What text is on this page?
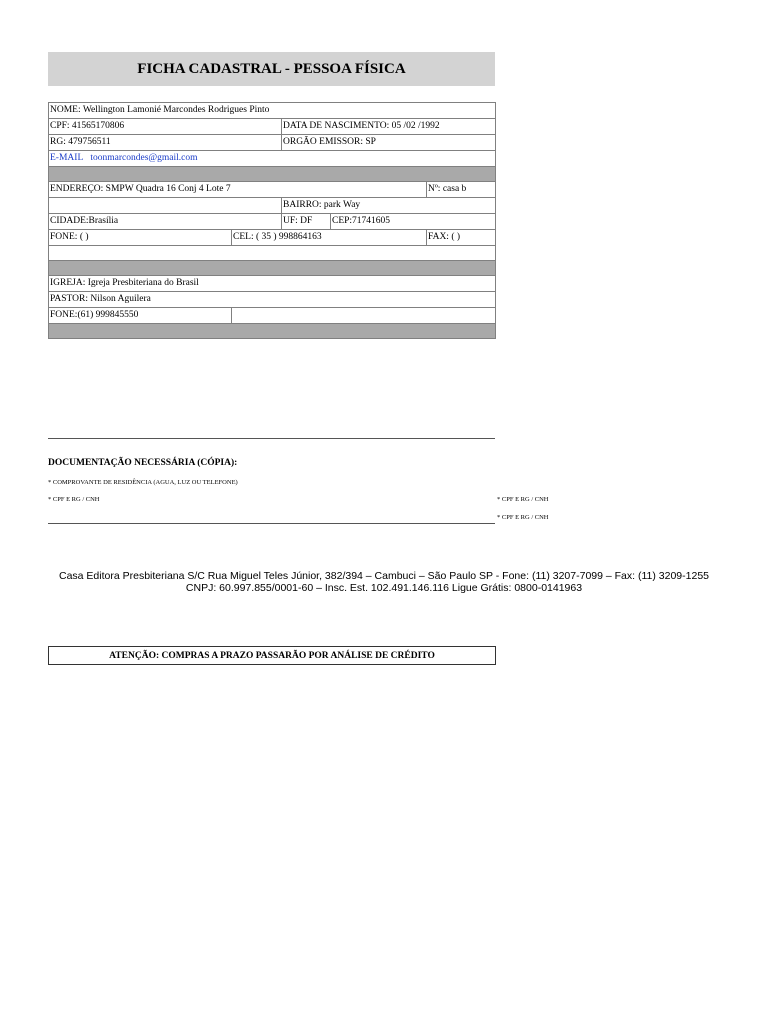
FICHA CADASTRAL - PESSOA FÍSICA
NOME: Wellington Lamonié Marcondes Rodrigues Pinto				
CPF: 41565170806		DATA DE NASCIMENTO: 05 /02 /1992		
RG: 479756511		ORGÃO EMISSOR: SP		
E-MAIL toonmarcondes@gmail.com				

ENDEREÇO: SMPW Quadra 16 Conj 4 Lote 7				Nº: casa b
		BAIRRO: park Way		
CIDADE:Brasília		UF: DF	CEP:71741605	
FONE: ( )	CEL: ( 35 ) 998864163			FAX: ( )

IGREJA: Igreja Presbiteriana do Brasil				
PASTOR: Nilson Aguilera				
FONE:(61) 999845550				

DOCUMENTAÇÃO NECESSÁRIA (CÓPIA):
* COMPROVANTE DE RESIDÊNCIA (AGUA, LUZ OU TELEFONE)
* CPF E RG / CNH	* CPF E RG / CNH
* CPF E RG / CNH
Casa Editora Presbiteriana S/C Rua Miguel Teles Júnior, 382/394 – Cambuci – São Paulo SP - Fone: (11) 3207-7099 – Fax: (11) 3209-1255
CNPJ: 60.997.855/0001-60 – Insc. Est. 102.491.146.116 Ligue Grátis: 0800-0141963
ATENÇÃO: COMPRAS A PRAZO PASSARÃO POR ANÁLISE DE CRÉDITO
